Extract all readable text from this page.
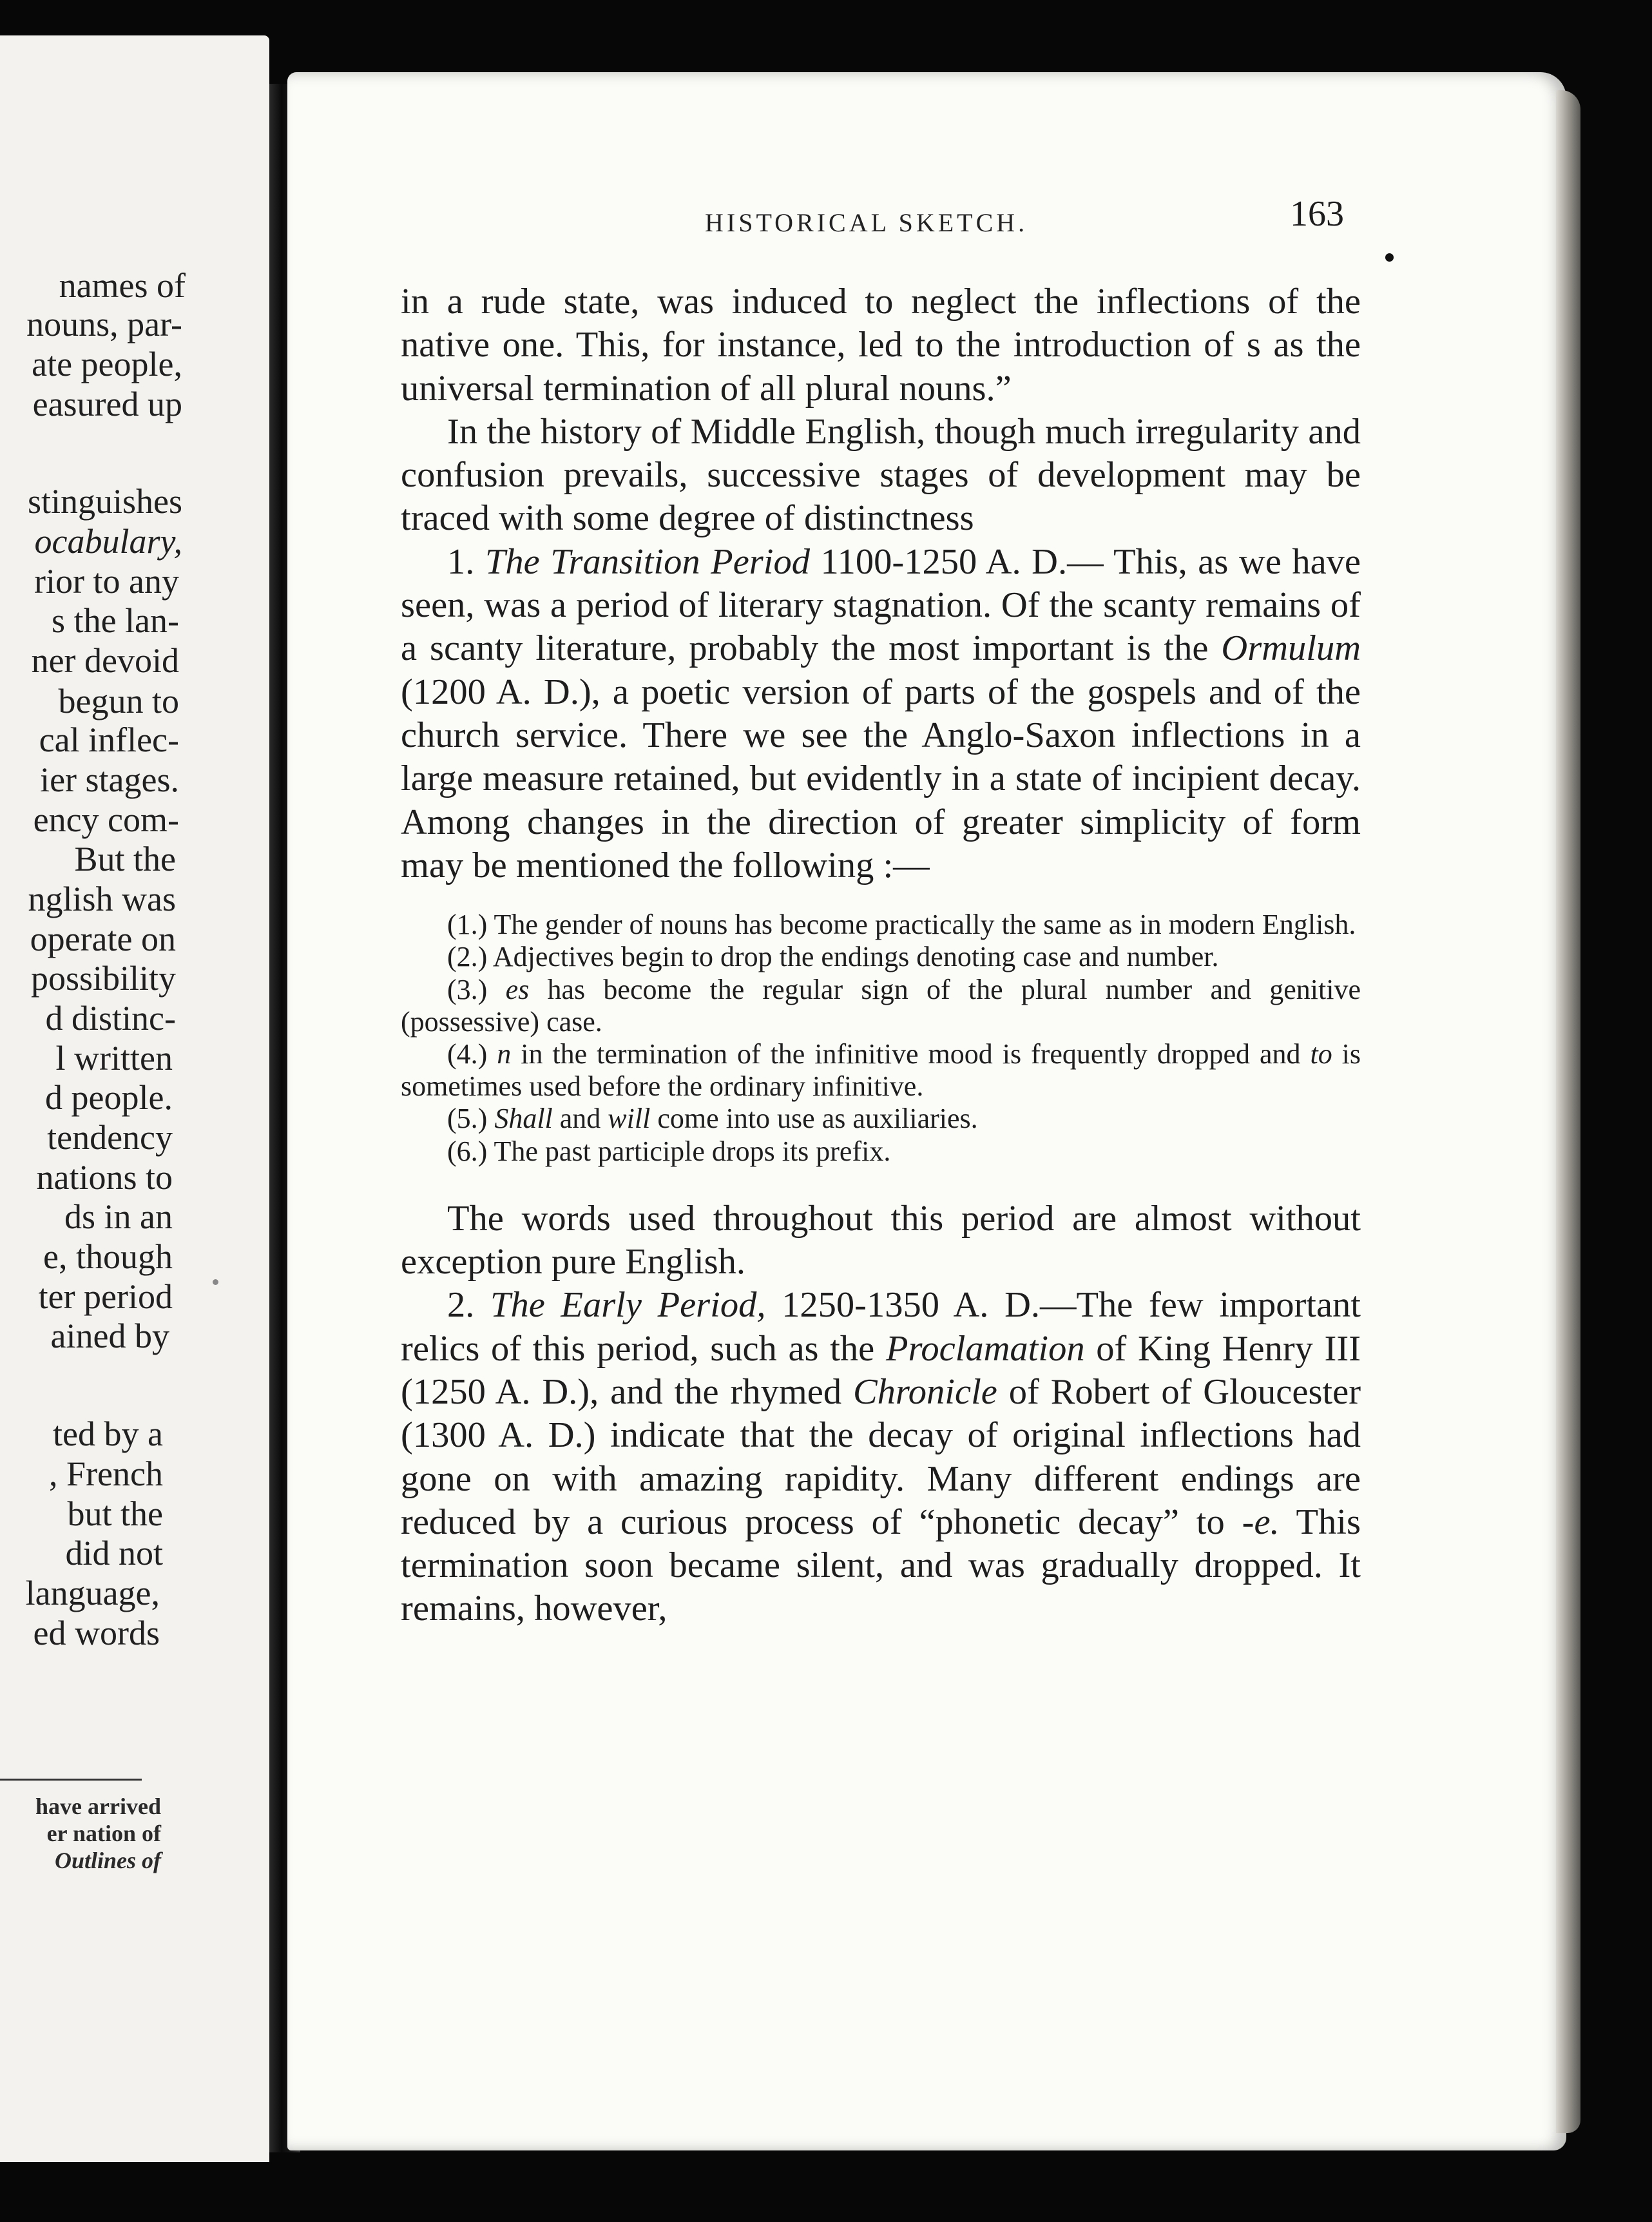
names of
nouns, par-
ate people,
easured up
stinguishes
ocabulary,
rior to any
s the lan-
ner devoid
begun to
cal inflec-
ier stages.
ency com-
But the
nglish was
operate on
possibility
d distinc-
l written
d people.
tendency
nations to
ds in an
e, though
ter period
ained by
ted by a
, French
but the
did not
language,
ed words
have arrived
er nation of
Outlines of
HISTORICAL SKETCH.	163

in a rude state, was induced to neglect the inflections of the native one. This, for instance, led to the introduction of s as the universal termination of all plural nouns.”

In the history of Middle English, though much irregularity and confusion prevails, successive stages of development may be traced with some degree of distinctness

1. The Transition Period 1100-1250 A. D.— This, as we have seen, was a period of literary stagnation. Of the scanty remains of a scanty literature, probably the most important is the Ormulum (1200 A. D.), a poetic version of parts of the gospels and of the church service. There we see the Anglo-Saxon inflections in a large measure retained, but evidently in a state of incipient decay. Among changes in the direction of greater simplicity of form may be mentioned the following :—

(1.) The gender of nouns has become practically the same as in modern English.

(2.) Adjectives begin to drop the endings denoting case and number.

(3.) es has become the regular sign of the plural number and genitive (possessive) case.

(4.) n in the termination of the infinitive mood is frequently dropped and to is sometimes used before the ordinary infinitive.

(5.) Shall and will come into use as auxiliaries.

(6.) The past participle drops its prefix.

The words used throughout this period are almost without exception pure English.

2. The Early Period, 1250-1350 A. D.—The few important relics of this period, such as the Proclamation of King Henry III (1250 A. D.), and the rhymed Chronicle of Robert of Gloucester (1300 A. D.) indicate that the decay of original inflections had gone on with amazing rapidity. Many different endings are reduced by a curious process of “phonetic decay” to -e. This termination soon became silent, and was gradually dropped. It remains, however,
